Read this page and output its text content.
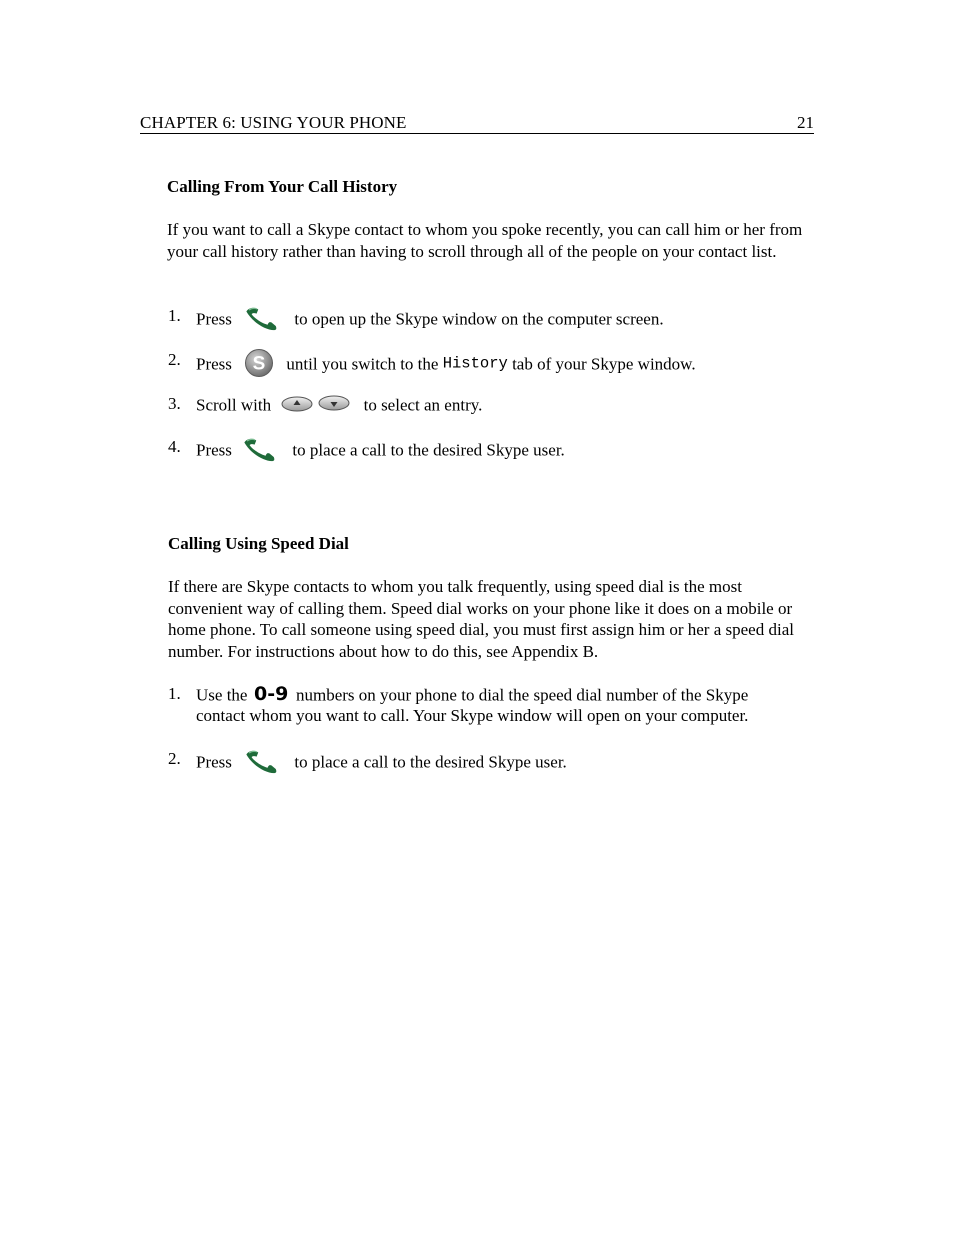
CHAPTER 6: USING YOUR PHONE	21
Calling From Your Call History

If you want to call a Skype contact to whom you spoke recently, you can call him or her from your call history rather than having to scroll through all of the people on your contact list.

1. Press	to open up the Skype window on the computer screen.
2. Press S until you switch to the History tab of your Skype window.
3. Scroll with	to select an entry.
4. Press	to place a call to the desired Skype user.
Calling Using Speed Dial

If there are Skype contacts to whom you talk frequently, using speed dial is the most convenient way of calling them. Speed dial works on your phone like it does on a mobile or home phone. To call someone using speed dial, you must first assign him or her a speed dial number. For instructions about how to do this, see Appendix B.

1. Use the 0-9 numbers on your phone to dial the speed dial number of the Skype
contact whom you want to call. Your Skype window will open on your computer.
2. Press	to place a call to the desired Skype user.
